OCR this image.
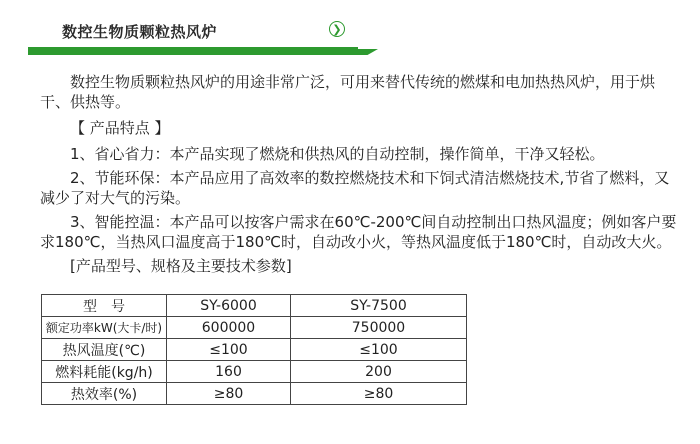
数控生物质颗粒热风炉	❯

数控生物质颗粒热风炉的用途非常广泛，可用来替代传统的燃煤和电加热热风炉，用于烘干、供热等。

【 产品特点 】

1、省心省力：本产品实现了燃烧和供热风的自动控制，操作简单，干净又轻松。

2、节能环保：本产品应用了高效率的数控燃烧技术和下饲式清洁燃烧技术,节省了燃料，又减少了对大气的污染。

3、智能控温：本产品可以按客户需求在60℃-200℃间自动控制出口热风温度；例如客户要求180℃，当热风口温度高于180℃时，自动改小火，等热风温度低于180℃时，自动改大火。

[产品型号、规格及主要技术参数]

型　号	SY-6000	SY-7500
额定功率kW(大卡/时)	600000	750000
热风温度(℃)	≤100	≤100
燃料耗能(kg/h)	160	200
热效率(%)	≥80	≥80
